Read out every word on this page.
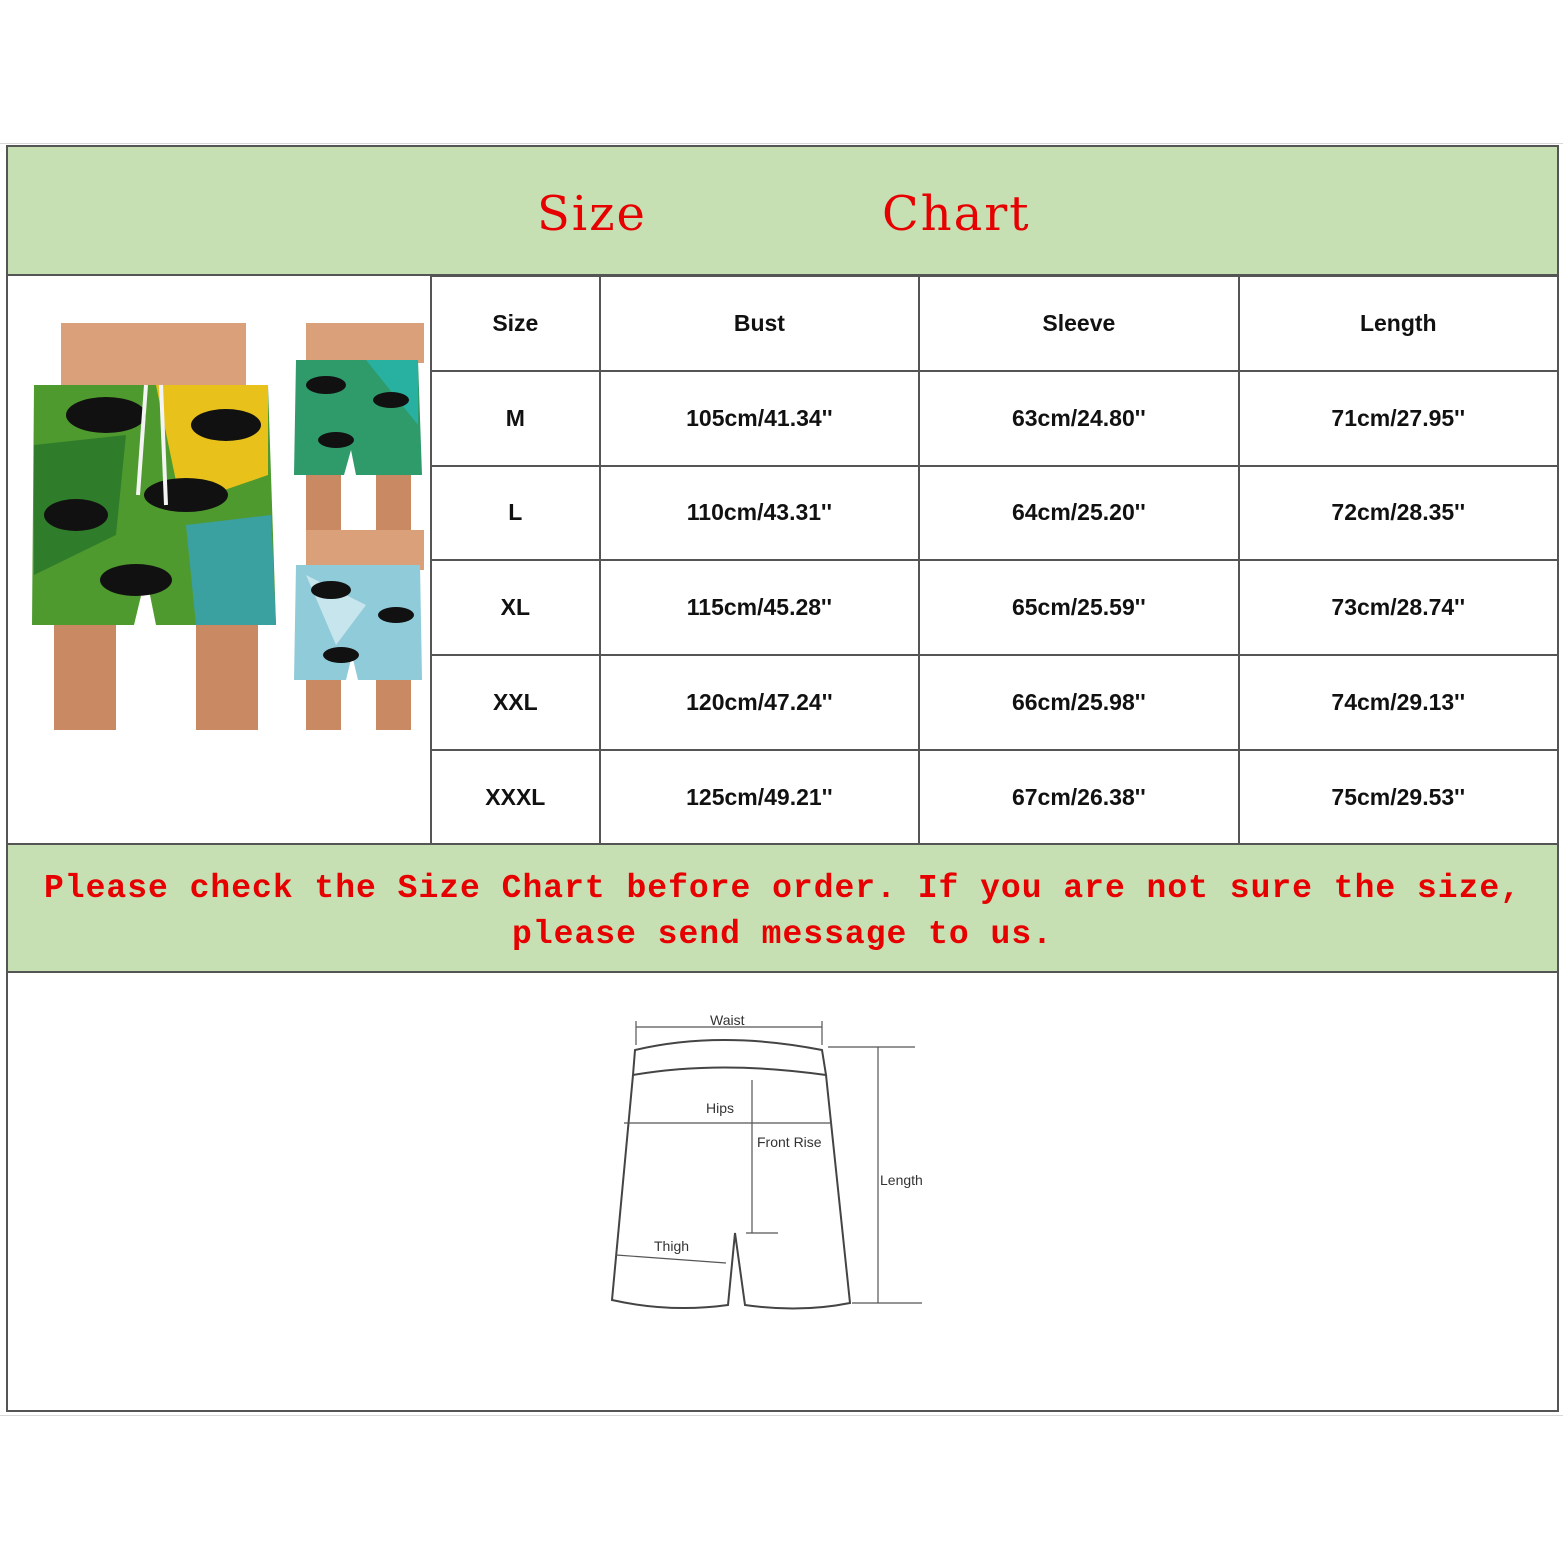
Size	Chart
Size	Bust	Sleeve	Length
M	105cm/41.34''	63cm/24.80''	71cm/27.95''
L	110cm/43.31''	64cm/25.20''	72cm/28.35''
XL	115cm/45.28''	65cm/25.59''	73cm/28.74''
XXL	120cm/47.24''	66cm/25.98''	74cm/29.13''
XXXL	125cm/49.21''	67cm/26.38''	75cm/29.53''
Please check the Size Chart before order. If you are not sure the size,
please send message to us.
Waist
Hips
Front Rise
Thigh
Length
